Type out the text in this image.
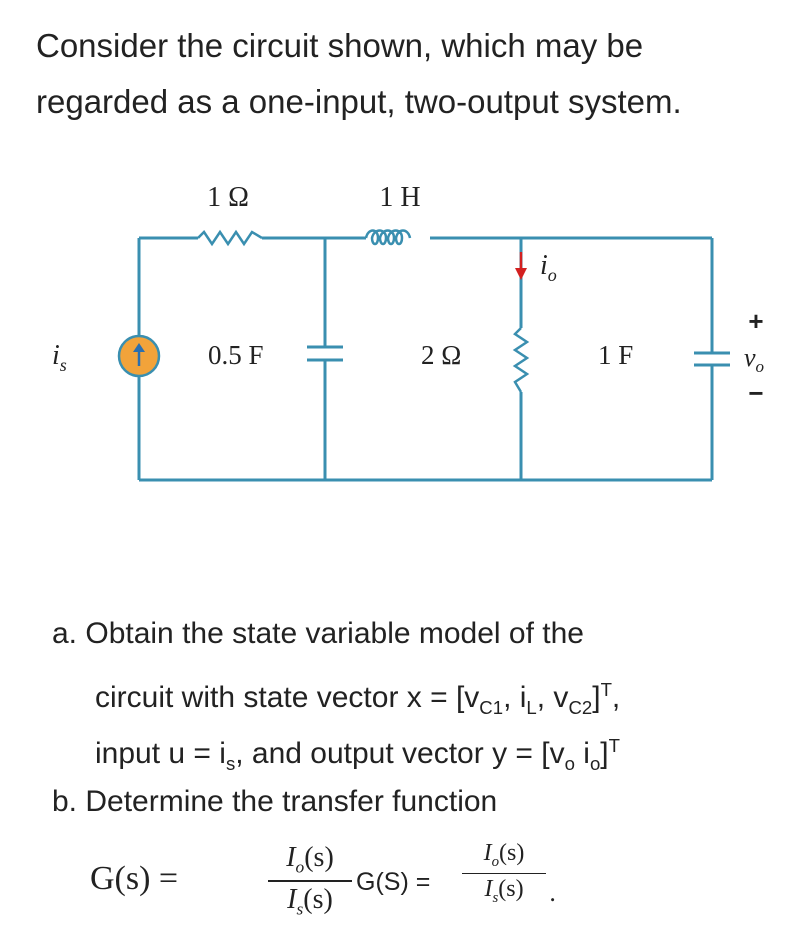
Consider the circuit shown, which may be
regarded as a one-input, two-output system.
1 Ω	1 H
$i_s$	0.5 F	2 Ω
$i_o$
1 F
+
$v_o$
−
a. Obtain the state variable model of the
circuit with state vector $x = [v_{C1}$, $i_L$, $v_{C2}]^T$,
input $u = i_s$, and output vector $y = [v_o$ $i_o]^T$
b. Determine the transfer function
G(s) =
$I_o(s)$
$I_s(s)$
G(S) =
$I_o(s)$
$I_s(s)$	.
